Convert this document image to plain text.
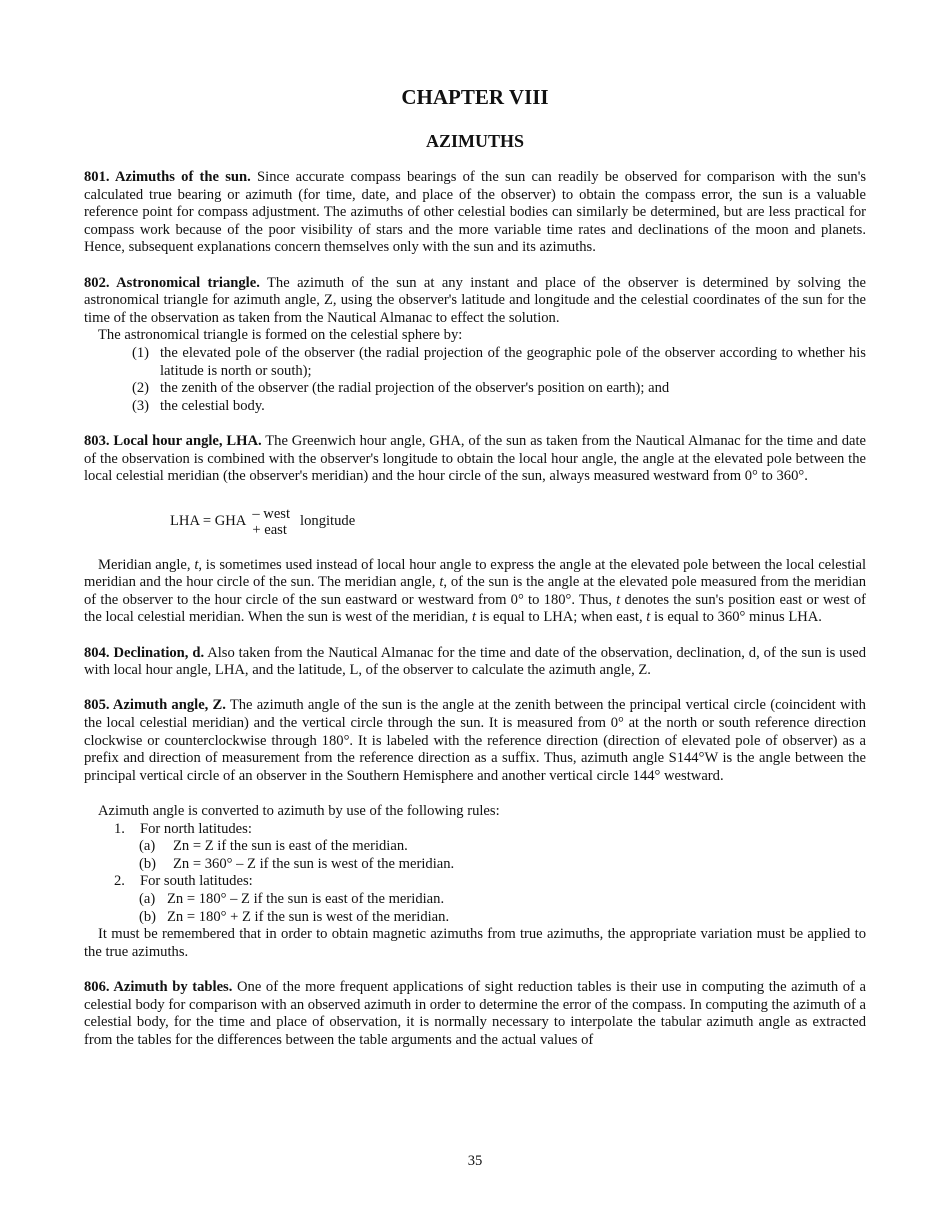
CHAPTER VIII
AZIMUTHS

801. Azimuths of the sun. Since accurate compass bearings of the sun can readily be observed for comparison with the sun's calculated true bearing or azimuth (for time, date, and place of the observer) to obtain the compass error, the sun is a valuable reference point for compass adjustment. The azimuths of other celestial bodies can similarly be determined, but are less practical for compass work because of the poor visibility of stars and the more variable time rates and declinations of the moon and planets. Hence, subsequent explanations concern themselves only with the sun and its azimuths.

802. Astronomical triangle. The azimuth of the sun at any instant and place of the observer is determined by solving the astronomical triangle for azimuth angle, Z, using the observer's latitude and longitude and the celestial coordinates of the sun for the time of the observation as taken from the Nautical Almanac to effect the solution.

The astronomical triangle is formed on the celestial sphere by:

(1) the elevated pole of the observer (the radial projection of the geographic pole of the observer according to whether his latitude is north or south);
(2) the zenith of the observer (the radial projection of the observer's position on earth); and
(3) the celestial body.

803. Local hour angle, LHA. The Greenwich hour angle, GHA, of the sun as taken from the Nautical Almanac for the time and date of the observation is combined with the observer's longitude to obtain the local hour angle, the angle at the elevated pole between the local celestial meridian (the observer's meridian) and the hour circle of the sun, always measured westward from 0° to 360°.

LHA = GHA – west
+ east
longitude

Meridian angle, t, is sometimes used instead of local hour angle to express the angle at the elevated pole between the local celestial meridian and the hour circle of the sun. The meridian angle, t, of the sun is the angle at the elevated pole measured from the meridian of the observer to the hour circle of the sun eastward or westward from 0° to 180°. Thus, t denotes the sun's position east or west of the local celestial meridian. When the sun is west of the meridian, t is equal to LHA; when east, t is equal to 360° minus LHA.

804. Declination, d. Also taken from the Nautical Almanac for the time and date of the observation, declination, d, of the sun is used with local hour angle, LHA, and the latitude, L, of the observer to calculate the azimuth angle, Z.

805. Azimuth angle, Z. The azimuth angle of the sun is the angle at the zenith between the principal vertical circle (coincident with the local celestial meridian) and the vertical circle through the sun. It is measured from 0° at the north or south reference direction clockwise or counterclockwise through 180°. It is labeled with the reference direction (direction of elevated pole of observer) as a prefix and direction of measurement from the reference direction as a suffix. Thus, azimuth angle S144°W is the angle between the principal vertical circle of an observer in the Southern Hemisphere and another vertical circle 144° westward.

Azimuth angle is converted to azimuth by use of the following rules:

1.	For north latitudes:
(a)	Zn = Z if the sun is east of the meridian.
(b)	Zn = 360° – Z if the sun is west of the meridian.
2.	For south latitudes:
(a) Zn = 180° – Z if the sun is east of the meridian.
(b) Zn = 180° + Z if the sun is west of the meridian.

It must be remembered that in order to obtain magnetic azimuths from true azimuths, the appropriate variation must be applied to the true azimuths.

806. Azimuth by tables. One of the more frequent applications of sight reduction tables is their use in computing the azimuth of a celestial body for comparison with an observed azimuth in order to determine the error of the compass. In computing the azimuth of a celestial body, for the time and place of observation, it is normally necessary to interpolate the tabular azimuth angle as extracted from the tables for the differences between the table arguments and the actual values of

35
